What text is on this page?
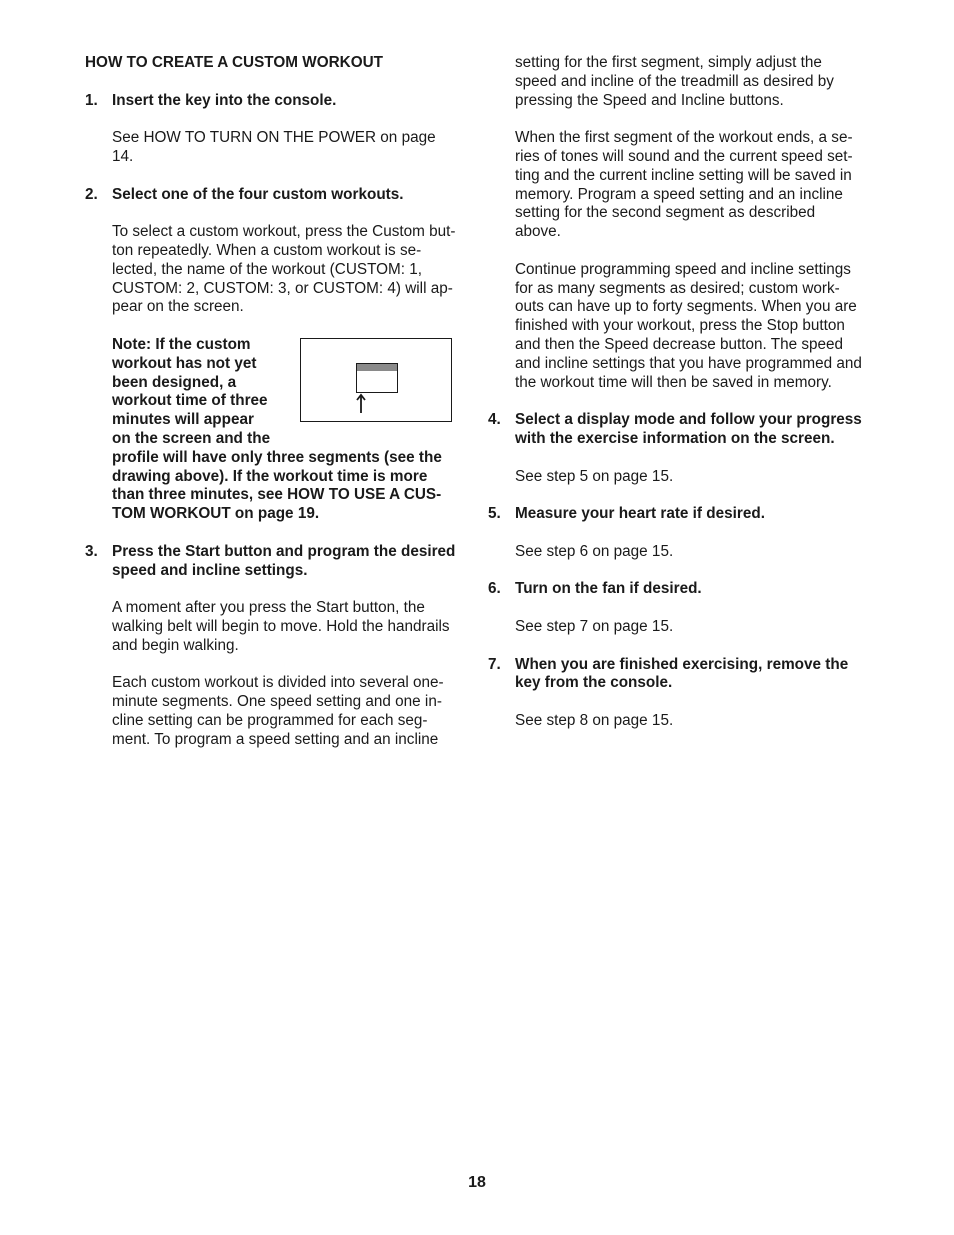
HOW TO CREATE A CUSTOM WORKOUT
1. Insert the key into the console.
See HOW TO TURN ON THE POWER on page
14.
2. Select one of the four custom workouts.
To select a custom workout, press the Custom but-
ton repeatedly. When a custom workout is se-
lected, the name of the workout (CUSTOM: 1,
CUSTOM: 2, CUSTOM: 3, or CUSTOM: 4) will ap-
pear on the screen.
Note: If the custom
workout has not yet
been designed, a
workout time of three
minutes will appear
on the screen and the
profile will have only three segments (see the
drawing above). If the workout time is more
than three minutes, see HOW TO USE A CUS-
TOM WORKOUT on page 19.
3. Press the Start button and program the desired
speed and incline settings.
A moment after you press the Start button, the
walking belt will begin to move. Hold the handrails
and begin walking.
Each custom workout is divided into several one-
minute segments. One speed setting and one in-
cline setting can be programmed for each seg-
ment. To program a speed setting and an incline
setting for the first segment, simply adjust the
speed and incline of the treadmill as desired by
pressing the Speed and Incline buttons.
When the first segment of the workout ends, a se-
ries of tones will sound and the current speed set-
ting and the current incline setting will be saved in
memory. Program a speed setting and an incline
setting for the second segment as described
above.
Continue programming speed and incline settings
for as many segments as desired; custom work-
outs can have up to forty segments. When you are
finished with your workout, press the Stop button
and then the Speed decrease button. The speed
and incline settings that you have programmed and
the workout time will then be saved in memory.
4. Select a display mode and follow your progress
with the exercise information on the screen.
See step 5 on page 15.
5. Measure your heart rate if desired.
See step 6 on page 15.
6. Turn on the fan if desired.
See step 7 on page 15.
7. When you are finished exercising, remove the
key from the console.
See step 8 on page 15.
18
